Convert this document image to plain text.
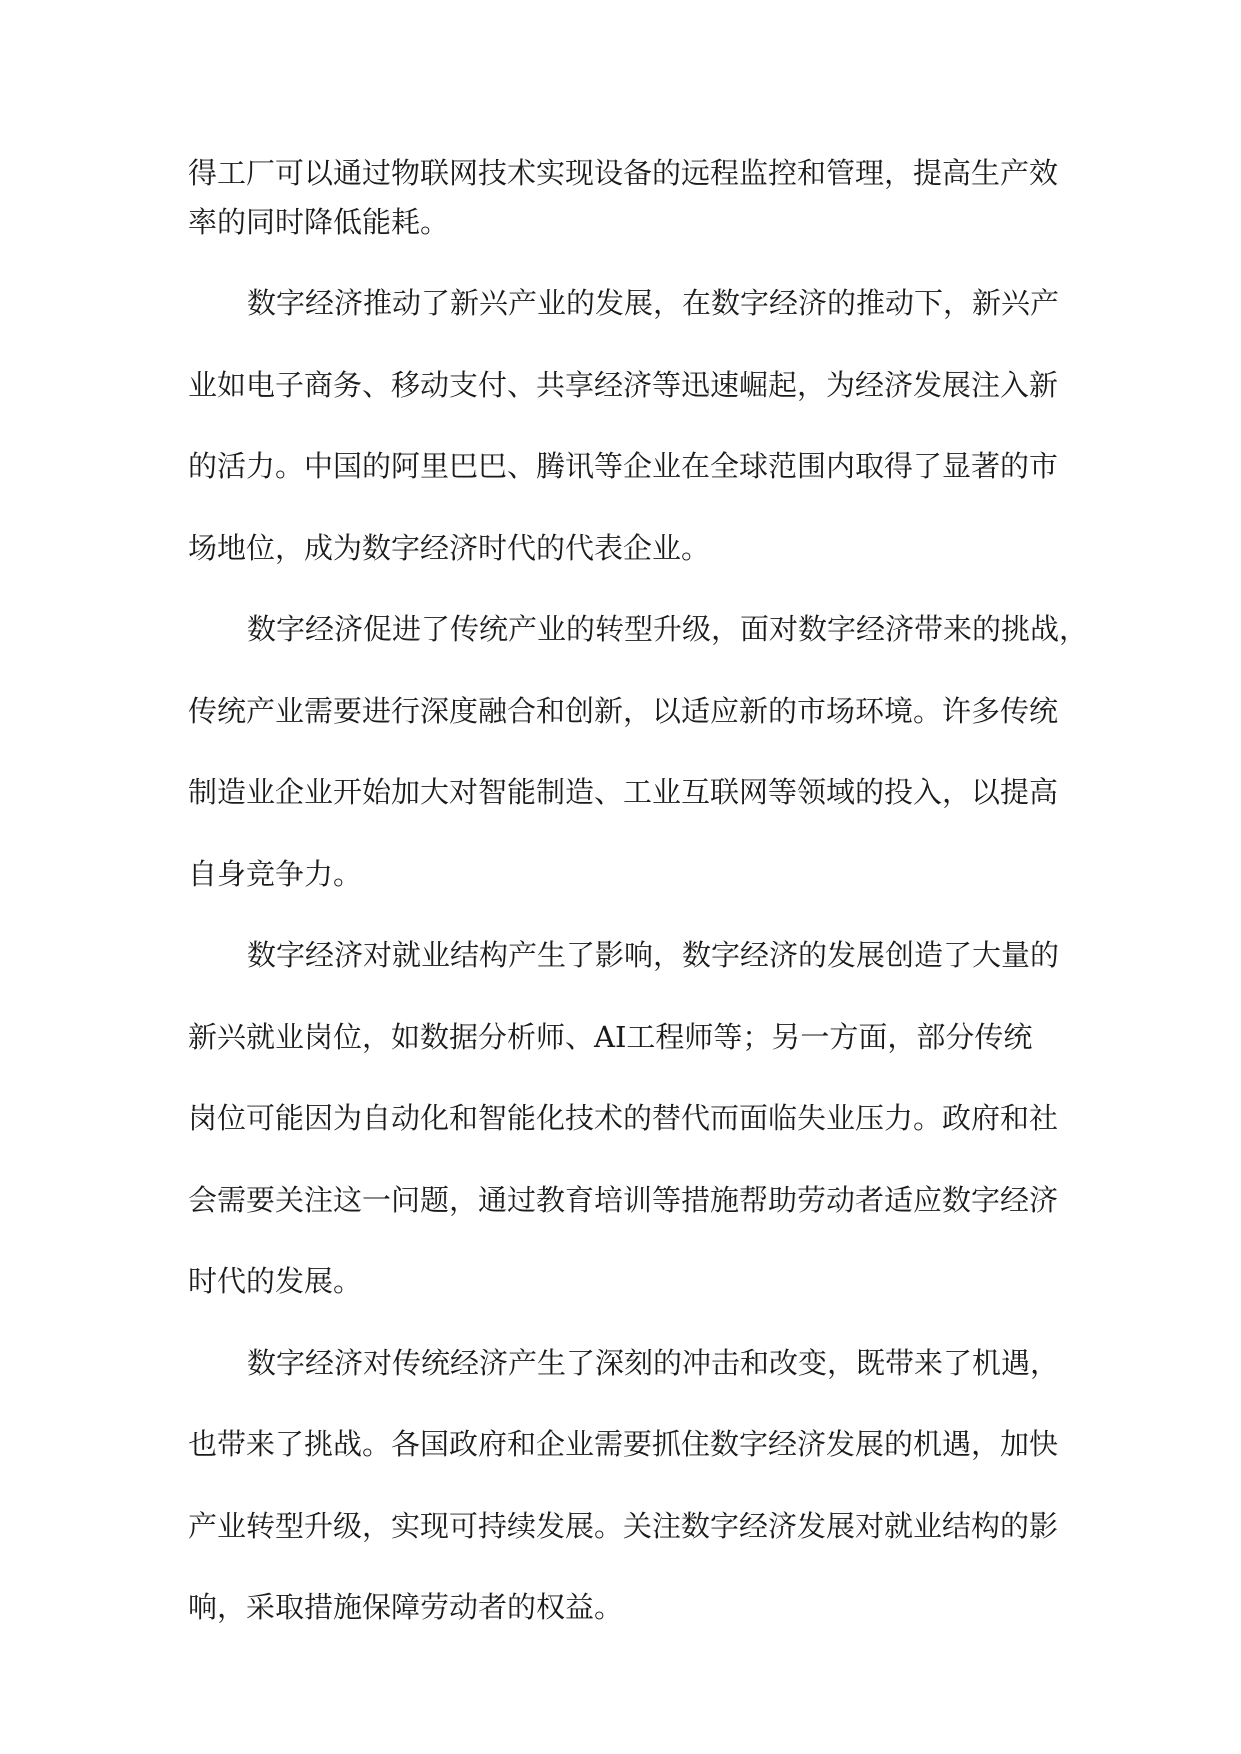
得工厂可以通过物联网技术实现设备的远程监控和管理，提高生产效
率的同时降低能耗。
数字经济推动了新兴产业的发展，在数字经济的推动下，新兴产
业如电子商务、移动支付、共享经济等迅速崛起，为经济发展注入新
的活力。中国的阿里巴巴、腾讯等企业在全球范围内取得了显著的市
场地位，成为数字经济时代的代表企业。
数字经济促进了传统产业的转型升级，面对数字经济带来的挑战，
传统产业需要进行深度融合和创新，以适应新的市场环境。许多传统
制造业企业开始加大对智能制造、工业互联网等领域的投入，以提高
自身竞争力。
数字经济对就业结构产生了影响，数字经济的发展创造了大量的
新兴就业岗位，如数据分析师、AI工程师等；另一方面，部分传统
岗位可能因为自动化和智能化技术的替代而面临失业压力。政府和社
会需要关注这一问题，通过教育培训等措施帮助劳动者适应数字经济
时代的发展。
数字经济对传统经济产生了深刻的冲击和改变，既带来了机遇，
也带来了挑战。各国政府和企业需要抓住数字经济发展的机遇，加快
产业转型升级，实现可持续发展。关注数字经济发展对就业结构的影
响，采取措施保障劳动者的权益。
